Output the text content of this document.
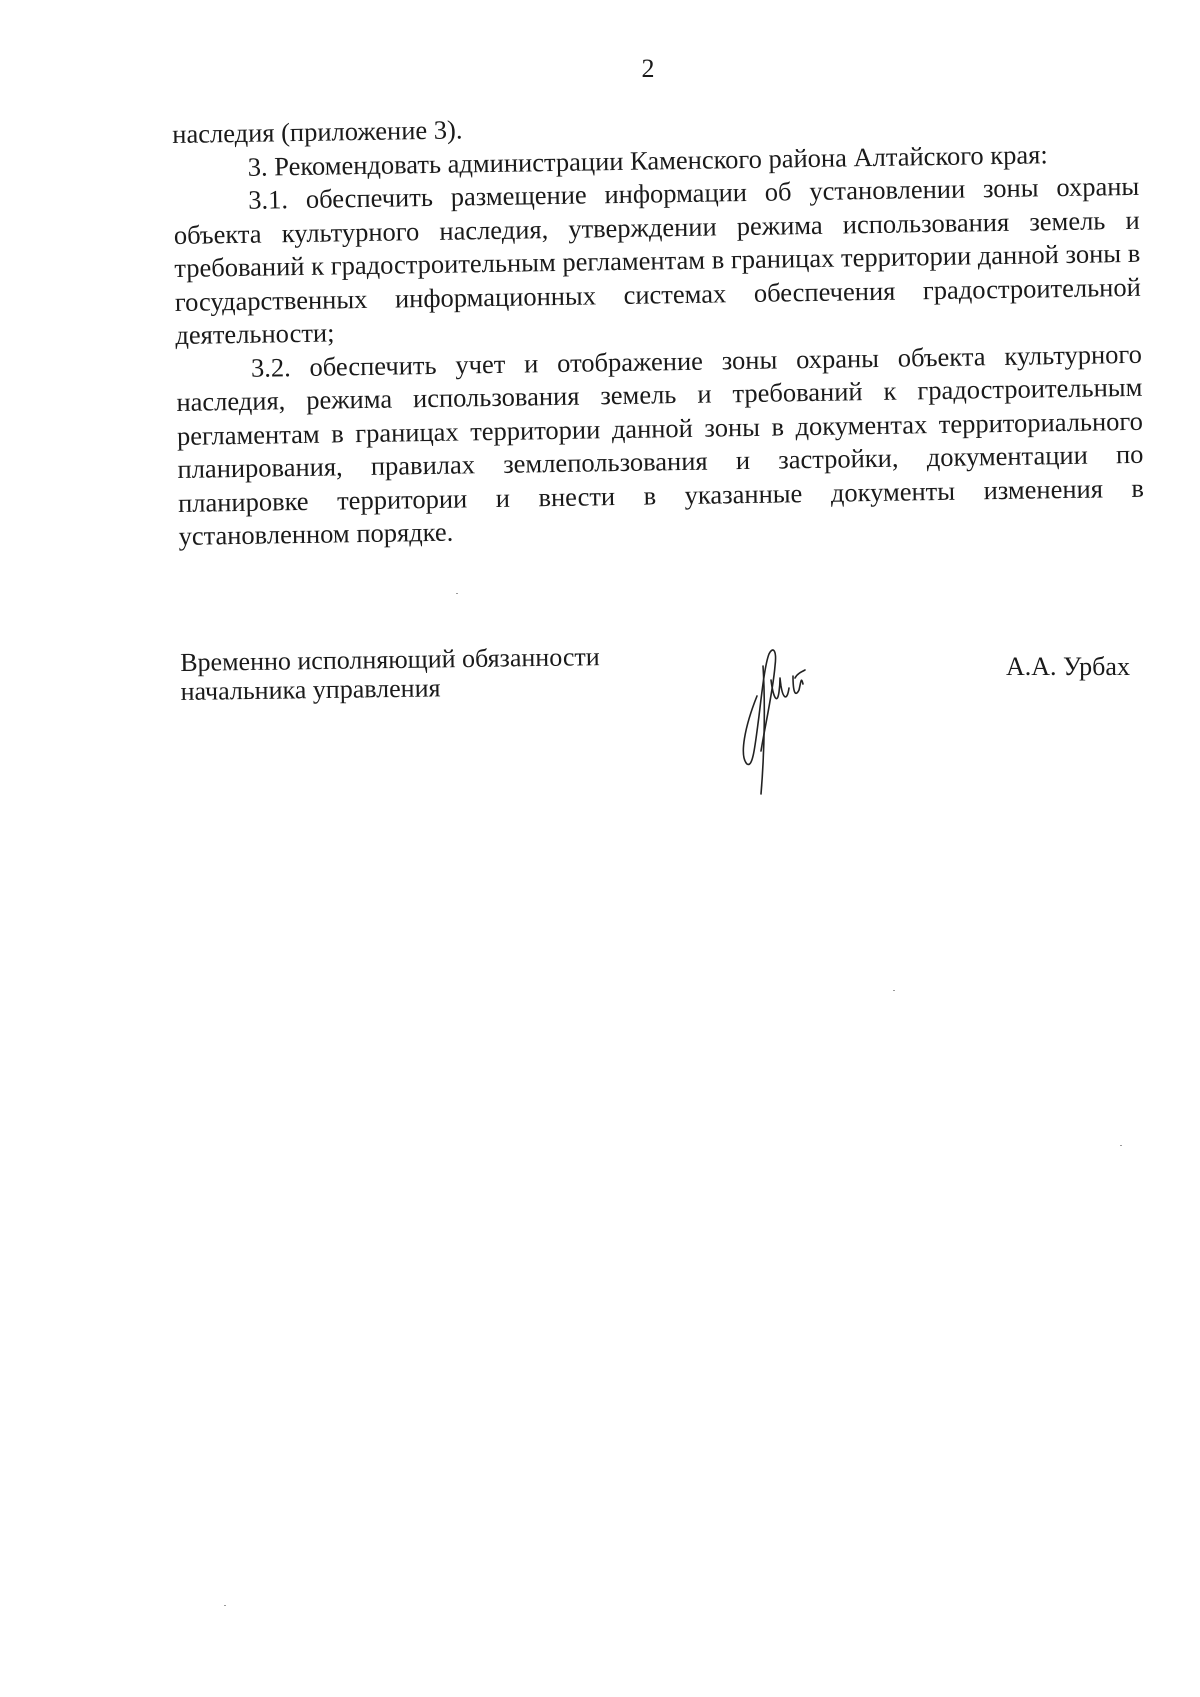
2

наследия (приложение 3).

3. Рекомендовать администрации Каменского района Алтайского края:

3.1. обеспечить размещение информации об установлении зоны охраны объекта культурного наследия, утверждении режима использования земель и требований к градостроительным регламентам в границах территории данной зоны в государственных информационных системах обеспечения градостроительной деятельности;

3.2. обеспечить учет и отображение зоны охраны объекта культурного наследия, режима использования земель и требований к градостроительным регламентам в границах территории данной зоны в документах территориального планирования, правилах землепользования и застройки, документации по планировке территории и внести в указанные документы изменения в установленном порядке.

Временно исполняющий обязанности
начальника управления
А.А. Урбах
